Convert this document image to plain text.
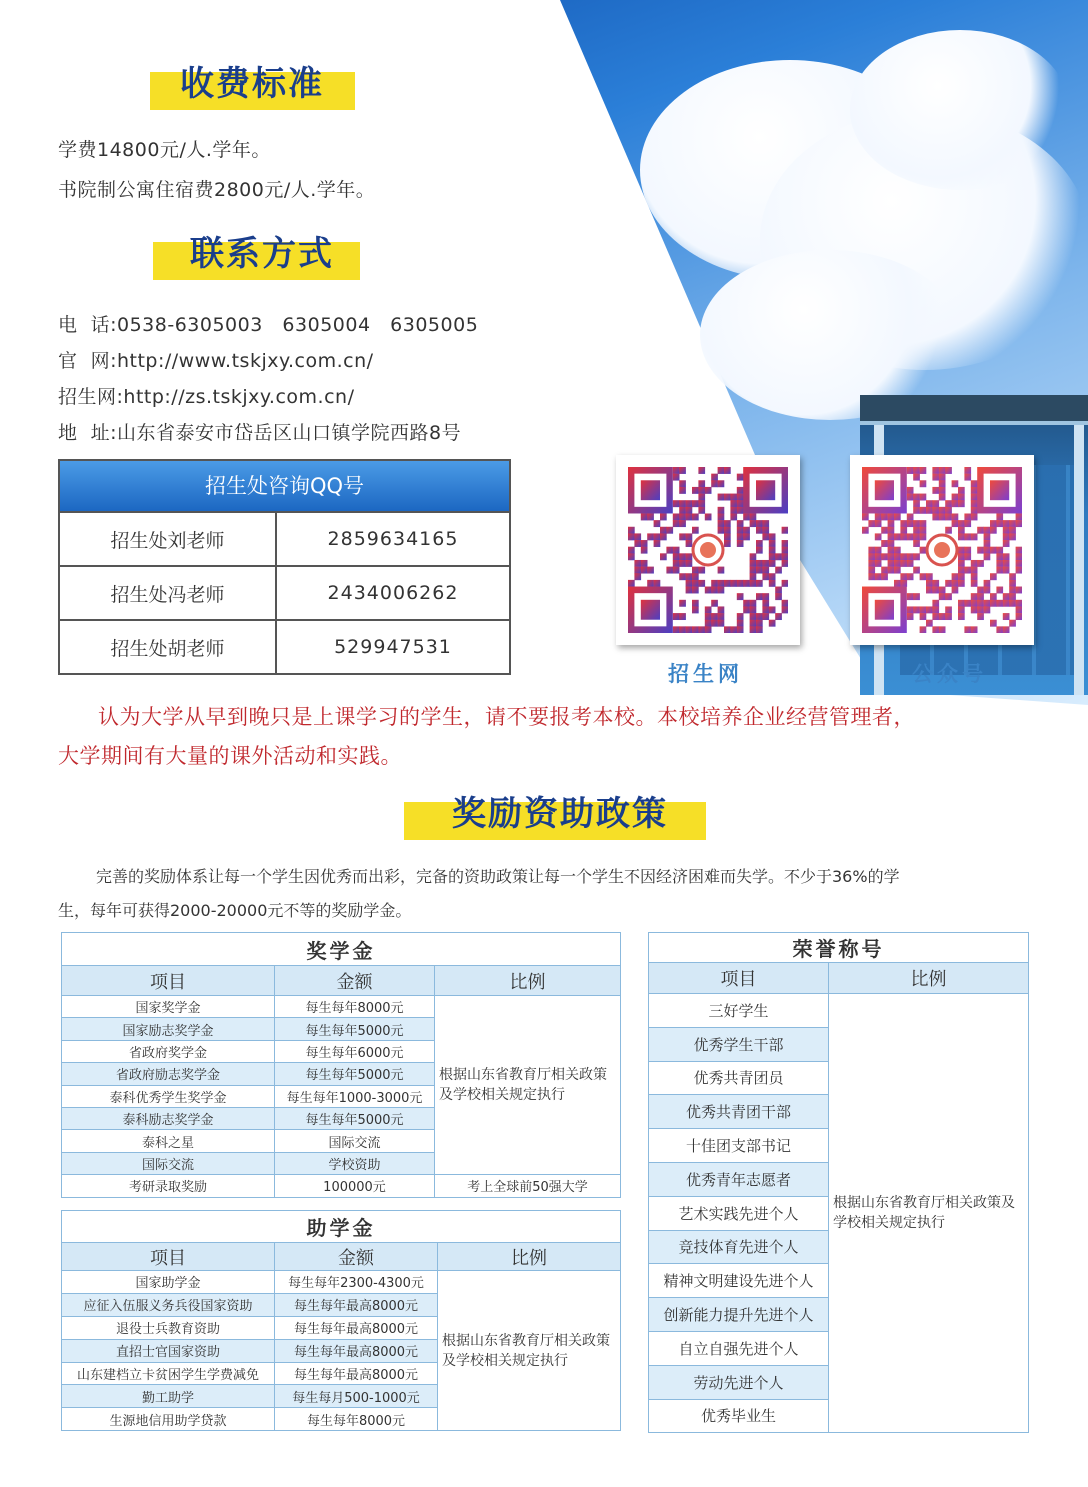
收费标准
学费14800元/人.学年。
书院制公寓住宿费2800元/人.学年。
联系方式
电  话:0538-6305003   6305004   6305005
官  网:http://www.tskjxy.com.cn/
招生网:http://zs.tskjxy.com.cn/
地  址:山东省泰安市岱岳区山口镇学院西路8号
招生处咨询QQ号
招生处刘老师	2859634165
招生处冯老师	2434006262
招生处胡老师	529947531
招生网	公众号
认为大学从早到晚只是上课学习的学生，请不要报考本校。本校培养企业经营管理者，
大学期间有大量的课外活动和实践。
奖励资助政策
完善的奖励体系让每一个学生因优秀而出彩，完备的资助政策让每一个学生不因经济困难而失学。不少于36%的学
生，每年可获得2000-20000元不等的奖励学金。
奖学金		
项目	金额	比例
国家奖学金	每生每年8000元	根据山东省教育厅相关政策及学校相关规定执行
国家励志奖学金	每生每年5000元	
省政府奖学金	每生每年6000元	
省政府励志奖学金	每生每年5000元	
泰科优秀学生奖学金	每生每年1000-3000元	
泰科励志奖学金	每生每年5000元	
泰科之星	国际交流	
国际交流	学校资助	
考研录取奖励	100000元	考上全球前50强大学
助学金		
项目	金额	比例
国家助学金	每生每年2300-4300元	根据山东省教育厅相关政策及学校相关规定执行
应征入伍服义务兵役国家资助	每生每年最高8000元	
退役士兵教育资助	每生每年最高8000元	
直招士官国家资助	每生每年最高8000元	
山东建档立卡贫困学生学费减免	每生每年最高8000元	
勤工助学	每生每月500-1000元	
生源地信用助学贷款	每生每年8000元	
荣誉称号	
项目	比例
三好学生	根据山东省教育厅相关政策及学校相关规定执行
优秀学生干部	
优秀共青团员	
优秀共青团干部	
十佳团支部书记	
优秀青年志愿者	
艺术实践先进个人	
竞技体育先进个人	
精神文明建设先进个人	
创新能力提升先进个人	
自立自强先进个人	
劳动先进个人	
优秀毕业生	
